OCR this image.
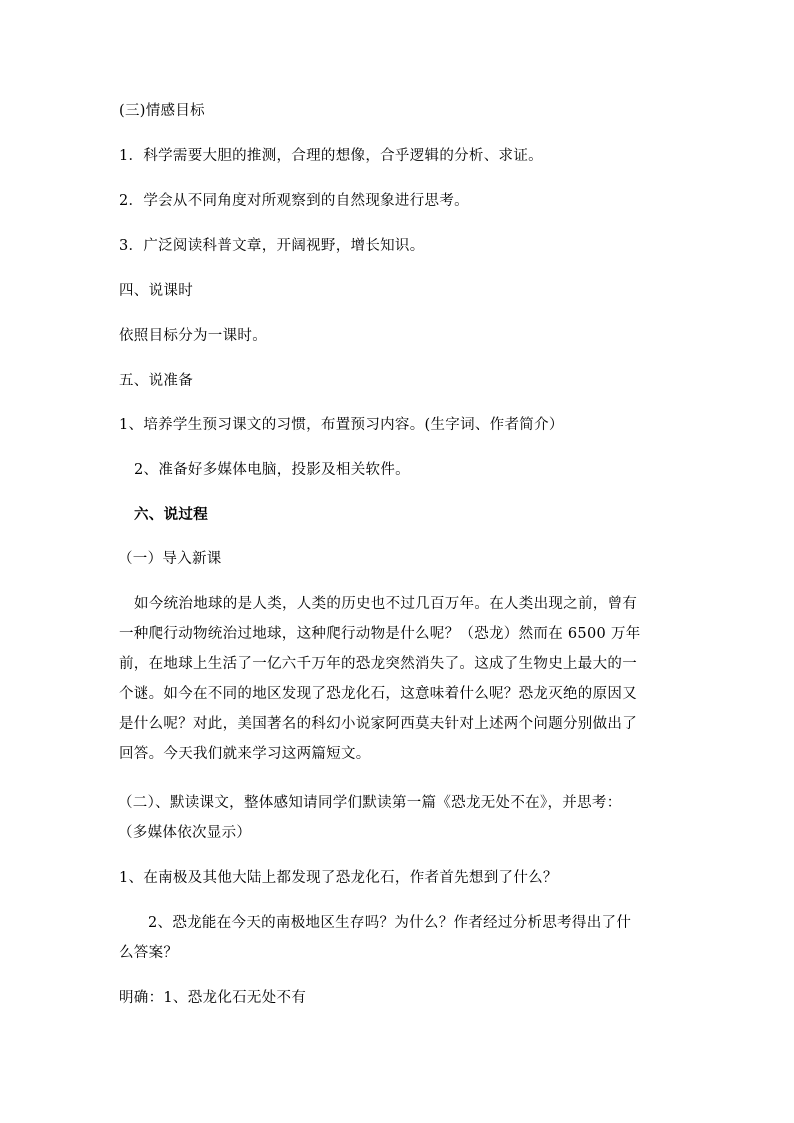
(三)情感目标
1．科学需要大胆的推测，合理的想像，合乎逻辑的分析、求证。
2．学会从不同角度对所观察到的自然现象进行思考。
3．广泛阅读科普文章，开阔视野，增长知识。
四、说课时
依照目标分为一课时。
五、说准备
1、培养学生预习课文的习惯，布置预习内容。(生字词、作者简介）
2、准备好多媒体电脑，投影及相关软件。
六、说过程
（一）导入新课
如今统治地球的是人类，人类的历史也不过几百万年。在人类出现之前，曾有
一种爬行动物统治过地球，这种爬行动物是什么呢？（恐龙）然而在 6500 万年
前，在地球上生活了一亿六千万年的恐龙突然消失了。这成了生物史上最大的一
个谜。如今在不同的地区发现了恐龙化石，这意味着什么呢？恐龙灭绝的原因又
是什么呢？对此，美国著名的科幻小说家阿西莫夫针对上述两个问题分别做出了
回答。今天我们就来学习这两篇短文。
（二）、默读课文，整体感知请同学们默读第一篇《恐龙无处不在》，并思考：
（多媒体依次显示）
1、在南极及其他大陆上都发现了恐龙化石，作者首先想到了什么？
2、恐龙能在今天的南极地区生存吗？为什么？作者经过分析思考得出了什
么答案？
明确：1、恐龙化石无处不有
